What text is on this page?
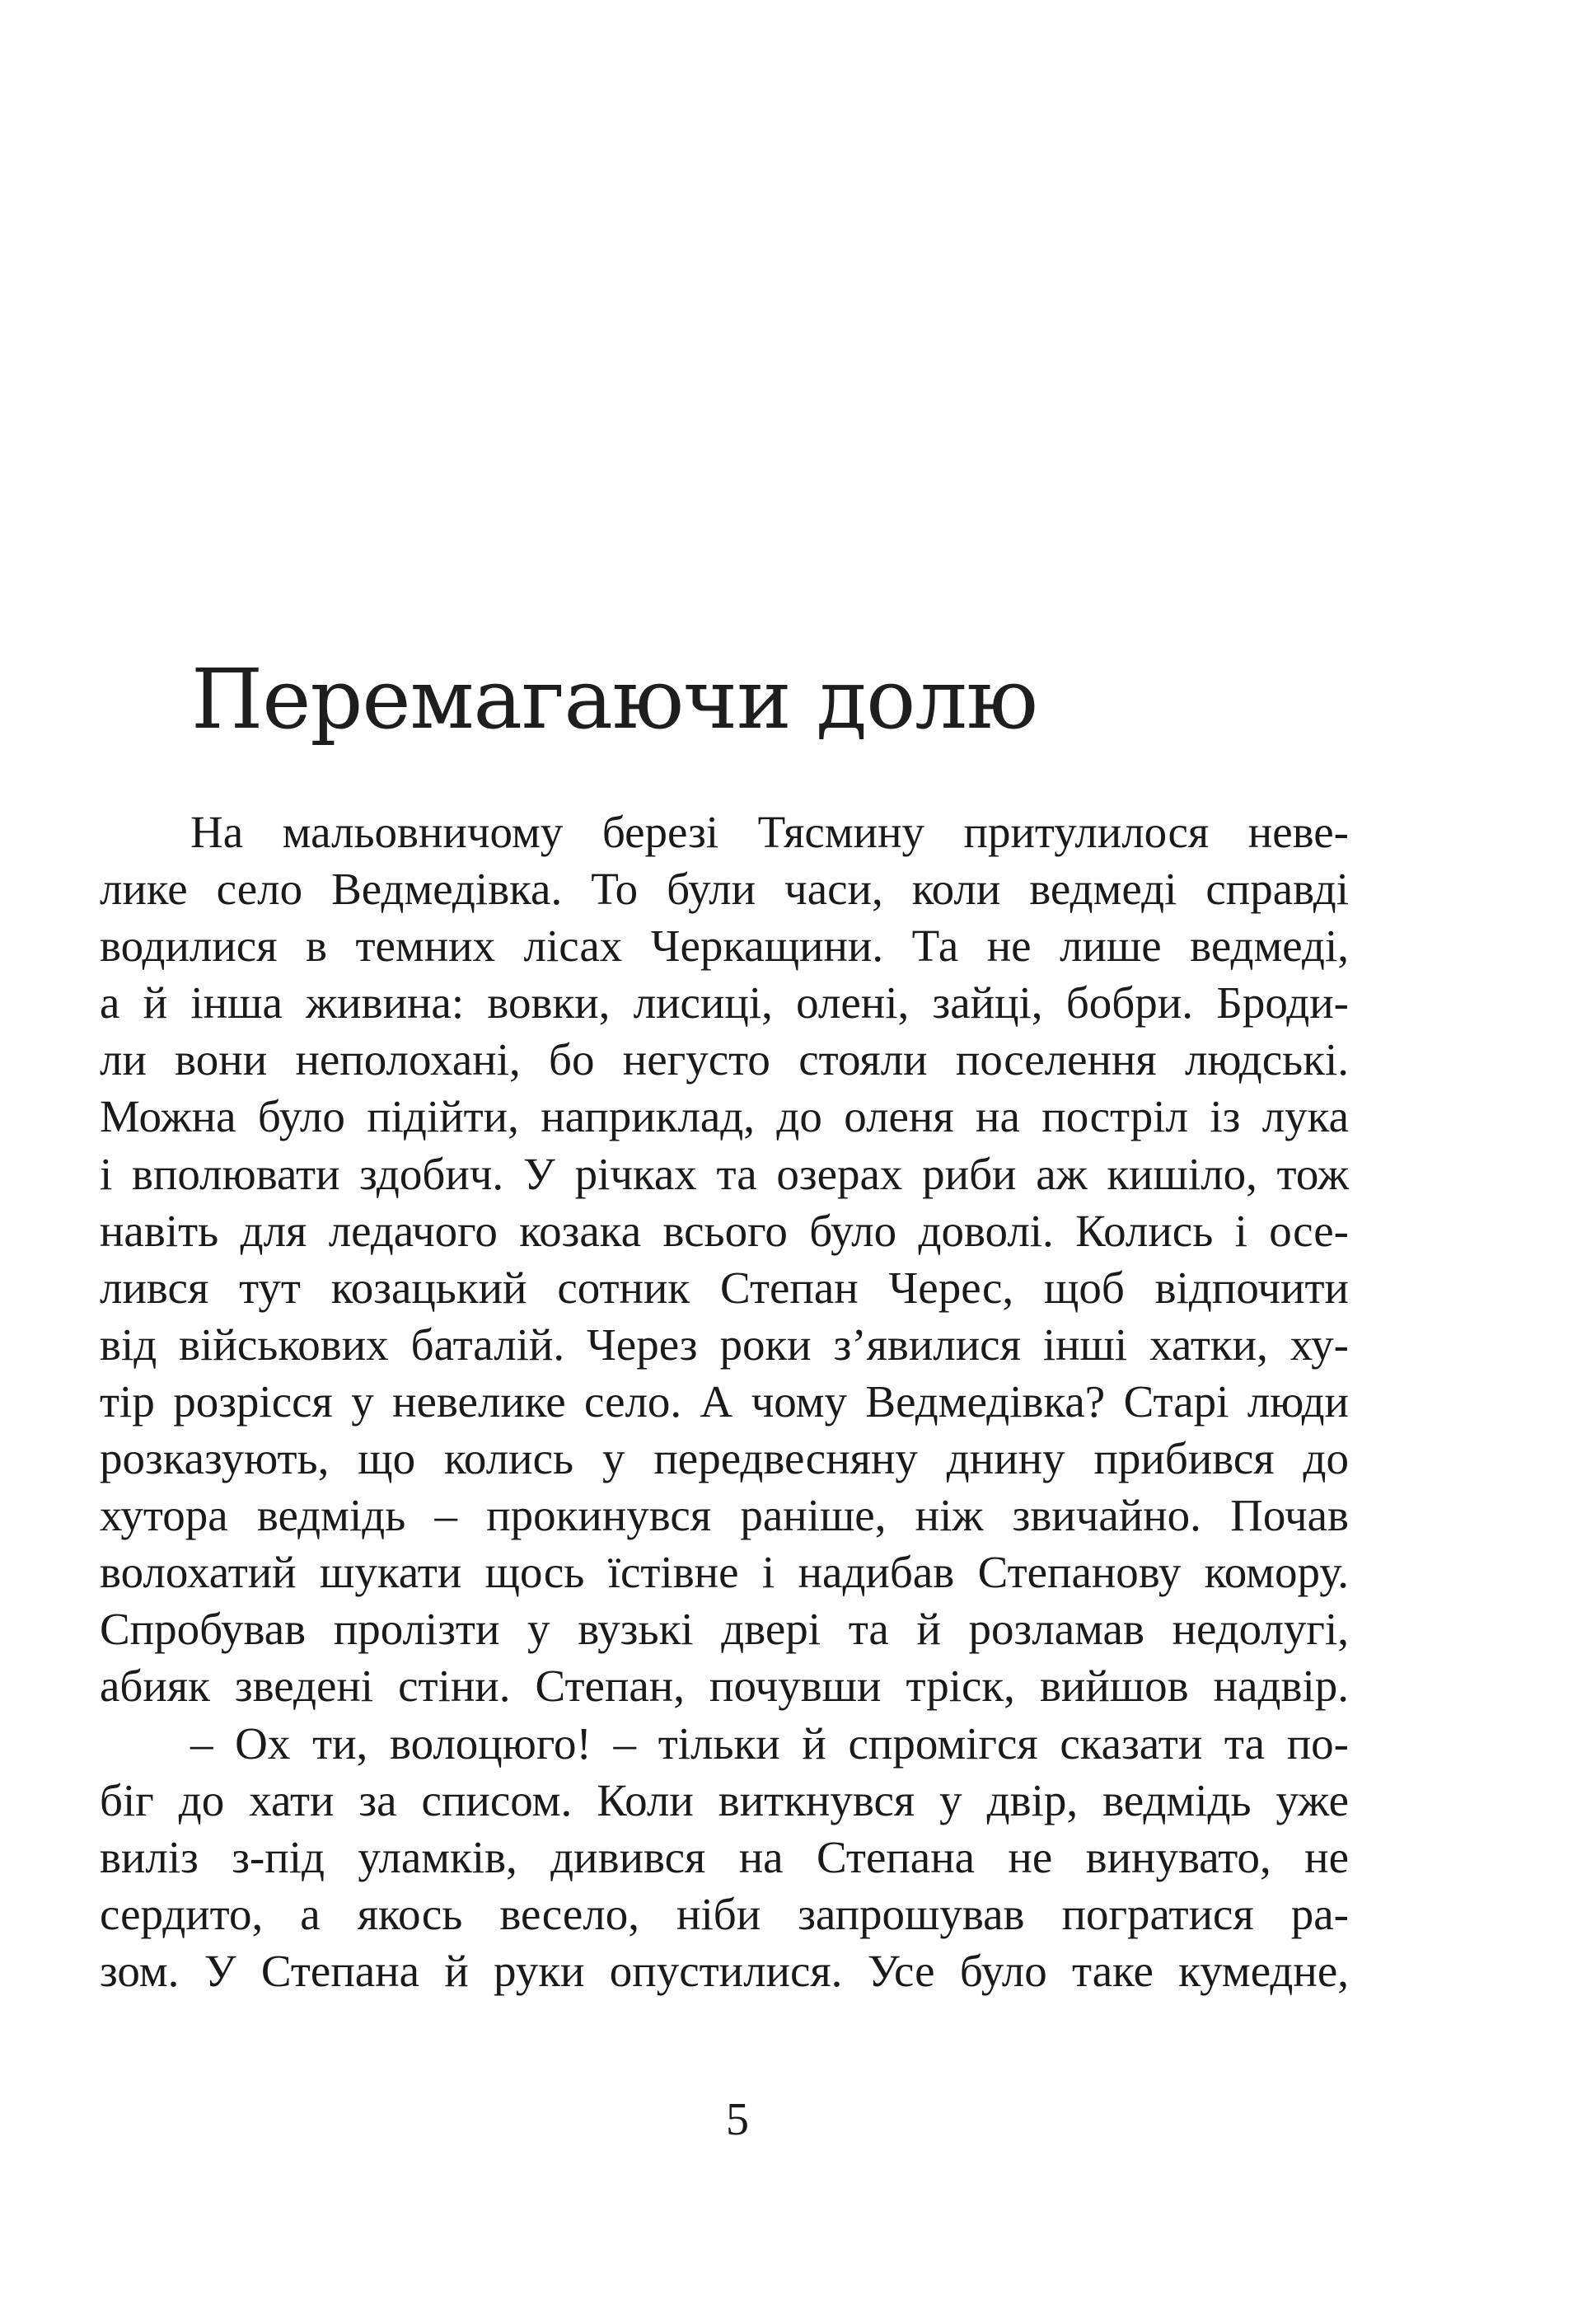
Перемагаючи долю
На мальовничому березі Тясмину притулилося неве-
лике село Ведмедівка. То були часи, коли ведмеді справді
водилися в темних лісах Черкащини. Та не лише ведмеді,
а й інша живина: вовки, лисиці, олені, зайці, бобри. Броди-
ли вони неполохані, бо негусто стояли поселення людські.
Можна було підійти, наприклад, до оленя на постріл із лука
і вполювати здобич. У річках та озерах риби аж кишіло, тож
навіть для ледачого козака всього було доволі. Колись і осе-
лився тут козацький сотник Степан Черес, щоб відпочити
від військових баталій. Через роки з’явилися інші хатки, ху-
тір розрісся у невелике село. А чому Ведмедівка? Старі люди
розказують, що колись у передвесняну днину прибився до
хутора ведмідь – прокинувся раніше, ніж звичайно. Почав
волохатий шукати щось їстівне і надибав Степанову комору.
Спробував пролізти у вузькі двері та й розламав недолугі,
абияк зведені стіни. Степан, почувши тріск, вийшов надвір.
– Ох ти, волоцюго! – тільки й спромігся сказати та по-
біг до хати за списом. Коли виткнувся у двір, ведмідь уже
виліз з-під уламків, дивився на Степана не винувато, не
сердито, а якось весело, ніби запрошував погратися ра-
зом. У Степана й руки опустилися. Усе було таке кумедне,
5
